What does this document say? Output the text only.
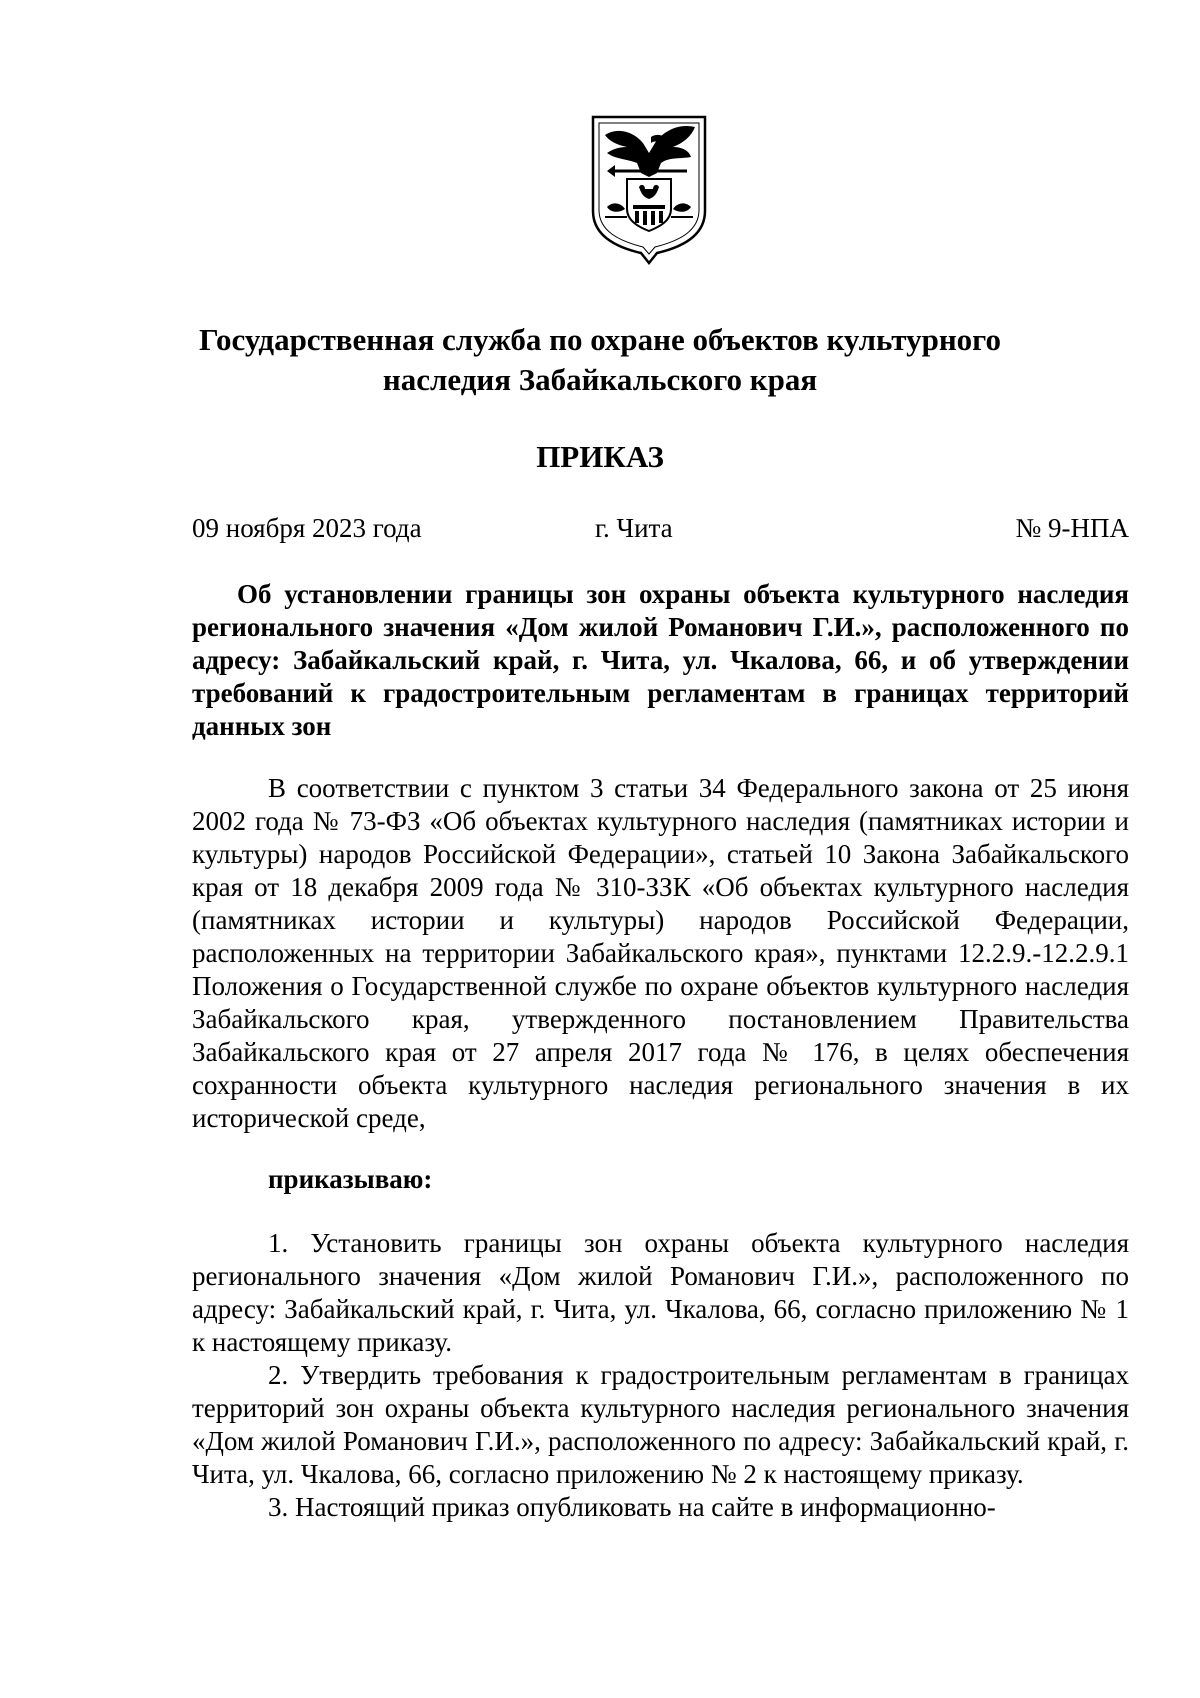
Государственная служба по охране объектов культурного
наследия Забайкальского края
ПРИКАЗ
09 ноября 2023 года	г. Чита	№ 9-НПА

Об установлении границы зон охраны объекта культурного наследия регионального значения «Дом жилой Романович Г.И.», расположенного по адресу: Забайкальский край, г. Чита, ул. Чкалова, 66, и об утверждении требований к градостроительным регламентам в границах территорий данных зон

В соответствии с пунктом 3 статьи 34 Федерального закона от 25 июня 2002 года № 73-ФЗ «Об объектах культурного наследия (памятниках истории и культуры) народов Российской Федерации», статьей 10 Закона Забайкальского края от 18 декабря 2009 года № 310-ЗЗК «Об объектах культурного наследия (памятниках истории и культуры) народов Российской Федерации, расположенных на территории Забайкальского края», пунктами 12.2.9.-12.2.9.1 Положения о Государственной службе по охране объектов культурного наследия Забайкальского края, утвержденного постановлением Правительства Забайкальского края от 27 апреля 2017 года № 176, в целях обеспечения сохранности объекта культурного наследия регионального значения в их исторической среде,

приказываю:

1. Установить границы зон охраны объекта культурного наследия регионального значения «Дом жилой Романович Г.И.», расположенного по адресу: Забайкальский край, г. Чита, ул. Чкалова, 66, согласно приложению № 1 к настоящему приказу.
2. Утвердить требования к градостроительным регламентам в границах территорий зон охраны объекта культурного наследия регионального значения «Дом жилой Романович Г.И.», расположенного по адресу: Забайкальский край, г. Чита, ул. Чкалова, 66, согласно приложению № 2 к настоящему приказу.
3. Настоящий приказ опубликовать на сайте в информационно-
